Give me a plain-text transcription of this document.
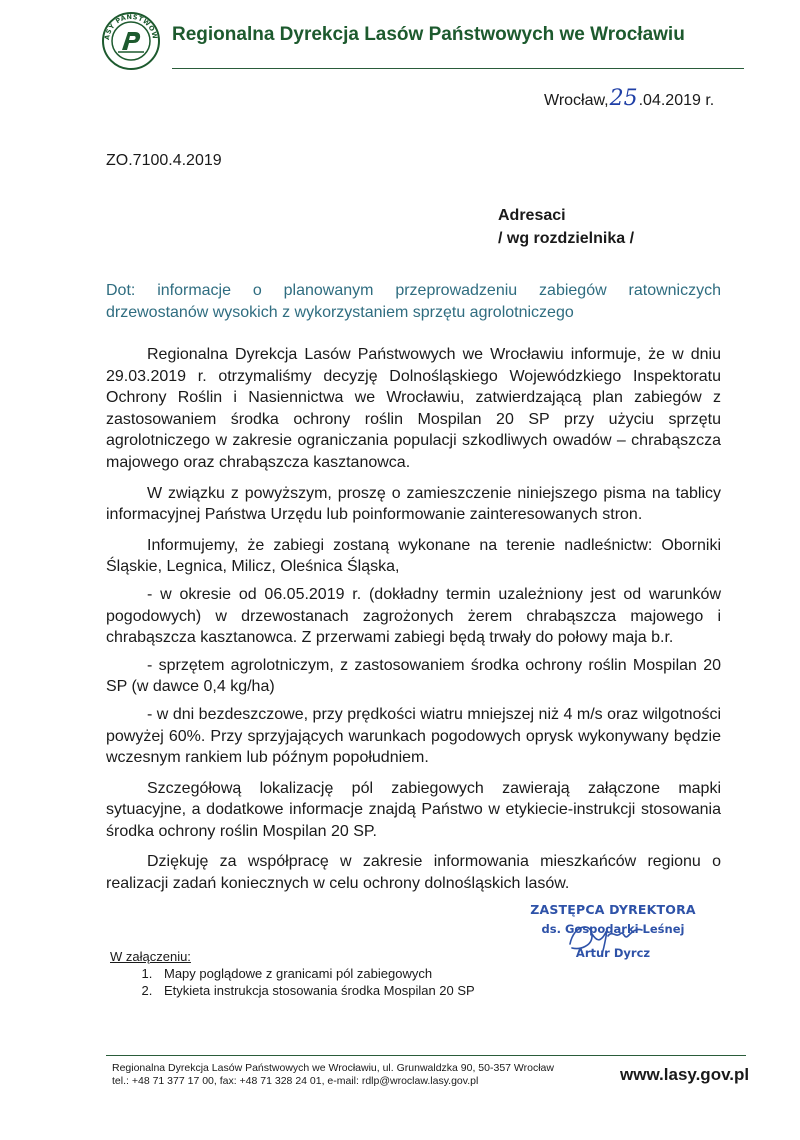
ASY PAŃSTWOW Regionalna Dyrekcja Lasów Państwowych we Wrocławiu
Wrocław,25.04.2019 r.
ZO.7100.4.2019
Adresaci
/ wg rozdzielnika /
Dot: informacje o planowanym przeprowadzeniu zabiegów ratowniczych
drzewostanów wysokich z wykorzystaniem sprzętu agrolotniczego

Regionalna Dyrekcja Lasów Państwowych we Wrocławiu informuje, że w dniu 29.03.2019 r. otrzymaliśmy decyzję Dolnośląskiego Wojewódzkiego Inspektoratu Ochrony Roślin i Nasiennictwa we Wrocławiu, zatwierdzającą plan zabiegów z zastosowaniem środka ochrony roślin Mospilan 20 SP przy użyciu sprzętu agrolotniczego w zakresie ograniczania populacji szkodliwych owadów – chrabąszcza majowego oraz chrabąszcza kasztanowca.

W związku z powyższym, proszę o zamieszczenie niniejszego pisma na tablicy informacyjnej Państwa Urzędu lub poinformowanie zainteresowanych stron.

Informujemy, że zabiegi zostaną wykonane na terenie nadleśnictw: Oborniki Śląskie, Legnica, Milicz, Oleśnica Śląska,

- w okresie od 06.05.2019 r. (dokładny termin uzależniony jest od warunków pogodowych) w drzewostanach zagrożonych żerem chrabąszcza majowego i chrabąszcza kasztanowca. Z przerwami zabiegi będą trwały do połowy maja b.r.

- sprzętem agrolotniczym, z zastosowaniem środka ochrony roślin Mospilan 20 SP (w dawce 0,4 kg/ha)

- w dni bezdeszczowe, przy prędkości wiatru mniejszej niż 4 m/s oraz wilgotności powyżej 60%. Przy sprzyjających warunkach pogodowych oprysk wykonywany będzie wczesnym rankiem lub późnym popołudniem.

Szczegółową lokalizację pól zabiegowych zawierają załączone mapki sytuacyjne, a dodatkowe informacje znajdą Państwo w etykiecie-instrukcji stosowania środka ochrony roślin Mospilan 20 SP.

Dziękuję za współpracę w zakresie informowania mieszkańców regionu o realizacji zadań koniecznych w celu ochrony dolnośląskich lasów.

ZASTĘPCA DYREKTORA
ds. Gospodarki Leśnej
Artur Dyrcz
W załączeniu:
1. Mapy poglądowe z granicami pól zabiegowych
2. Etykieta instrukcja stosowania środka Mospilan 20 SP
Regionalna Dyrekcja Lasów Państwowych we Wrocławiu, ul. Grunwaldzka 90, 50-357 Wrocław
tel.: +48 71 377 17 00, fax: +48 71 328 24 01, e-mail: rdlp@wroclaw.lasy.gov.pl	www.lasy.gov.pl
